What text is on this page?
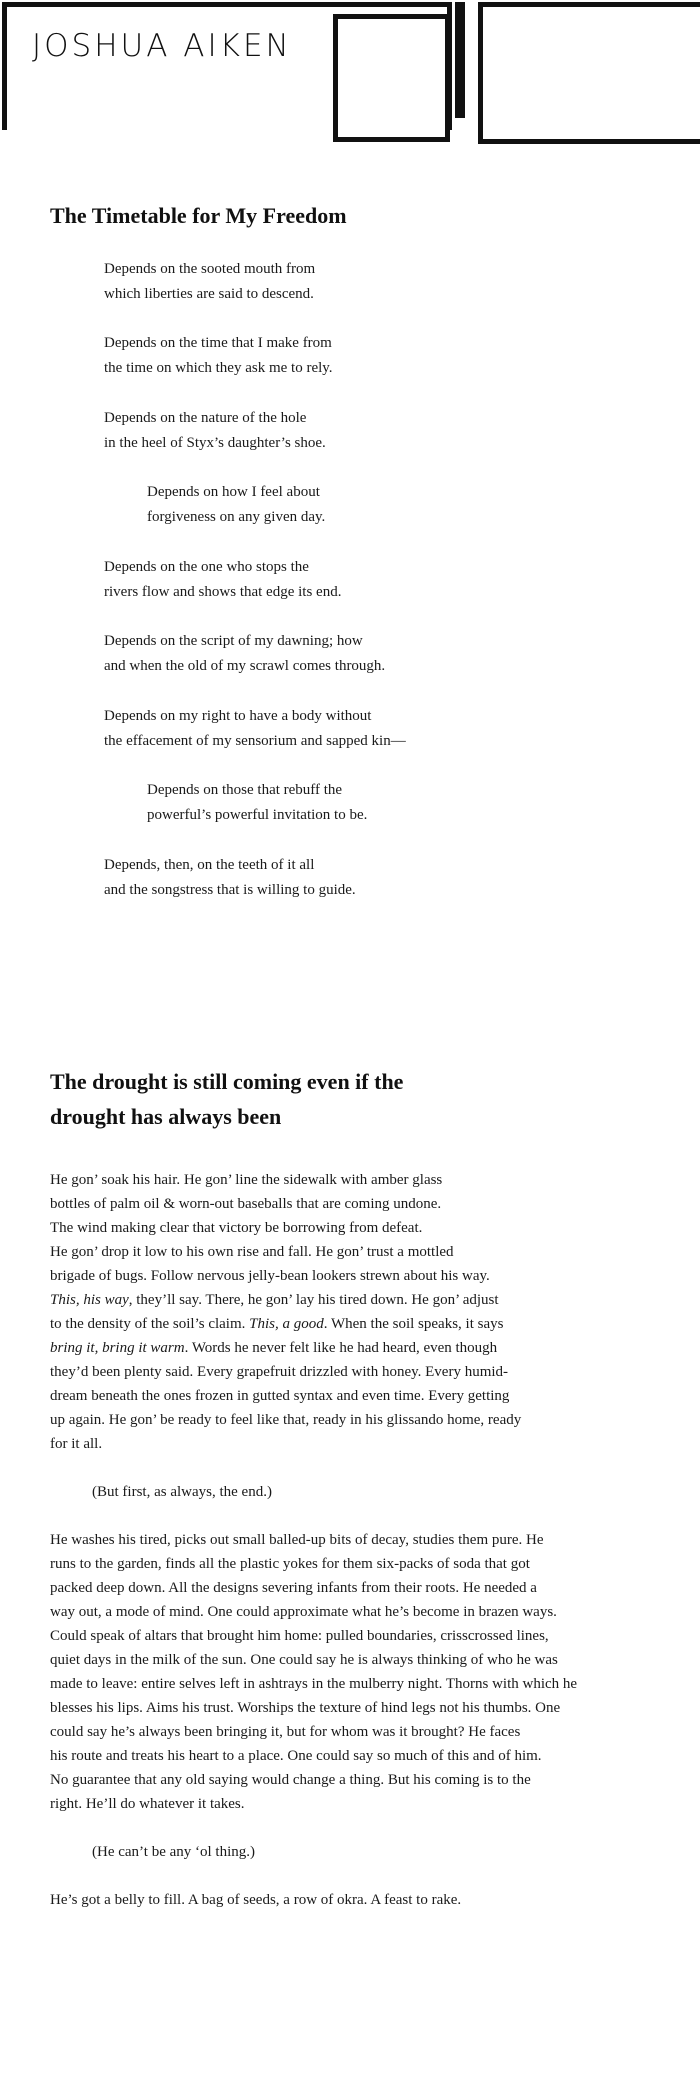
JOSHUA AIKEN
The Timetable for My Freedom

Depends on the sooted mouth from
which liberties are said to descend.

Depends on the time that I make from
the time on which they ask me to rely.

Depends on the nature of the hole
in the heel of Styx’s daughter’s shoe.

Depends on how I feel about
forgiveness on any given day.

Depends on the one who stops the
rivers flow and shows that edge its end.

Depends on the script of my dawning; how
and when the old of my scrawl comes through.

Depends on my right to have a body without
the effacement of my sensorium and sapped kin—

Depends on those that rebuff the
powerful’s powerful invitation to be.

Depends, then, on the teeth of it all
and the songstress that is willing to guide.

The drought is still coming even if the drought has always been

He gon’ soak his hair. He gon’ line the sidewalk with amber glass
bottles of palm oil & worn-out baseballs that are coming undone.
The wind making clear that victory be borrowing from defeat.
He gon’ drop it low to his own rise and fall. He gon’ trust a mottled
brigade of bugs. Follow nervous jelly-bean lookers strewn about his way.
This, his way, they’ll say. There, he gon’ lay his tired down. He gon’ adjust
to the density of the soil’s claim. This, a good. When the soil speaks, it says
bring it, bring it warm. Words he never felt like he had heard, even though
they’d been plenty said. Every grapefruit drizzled with honey. Every humid-
dream beneath the ones frozen in gutted syntax and even time. Every getting
up again. He gon’ be ready to feel like that, ready in his glissando home, ready
for it all.

(But first, as always, the end.)

He washes his tired, picks out small balled-up bits of decay, studies them pure. He
runs to the garden, finds all the plastic yokes for them six-packs of soda that got
packed deep down. All the designs severing infants from their roots. He needed a
way out, a mode of mind. One could approximate what he’s become in brazen ways.
Could speak of altars that brought him home: pulled boundaries, crisscrossed lines,
quiet days in the milk of the sun. One could say he is always thinking of who he was
made to leave: entire selves left in ashtrays in the mulberry night. Thorns with which he
blesses his lips. Aims his trust. Worships the texture of hind legs not his thumbs. One
could say he’s always been bringing it, but for whom was it brought? He faces
his route and treats his heart to a place. One could say so much of this and of him.
No guarantee that any old saying would change a thing. But his coming is to the
right. He’ll do whatever it takes.

(He can’t be any ‘ol thing.)

He’s got a belly to fill. A bag of seeds, a row of okra. A feast to rake.
